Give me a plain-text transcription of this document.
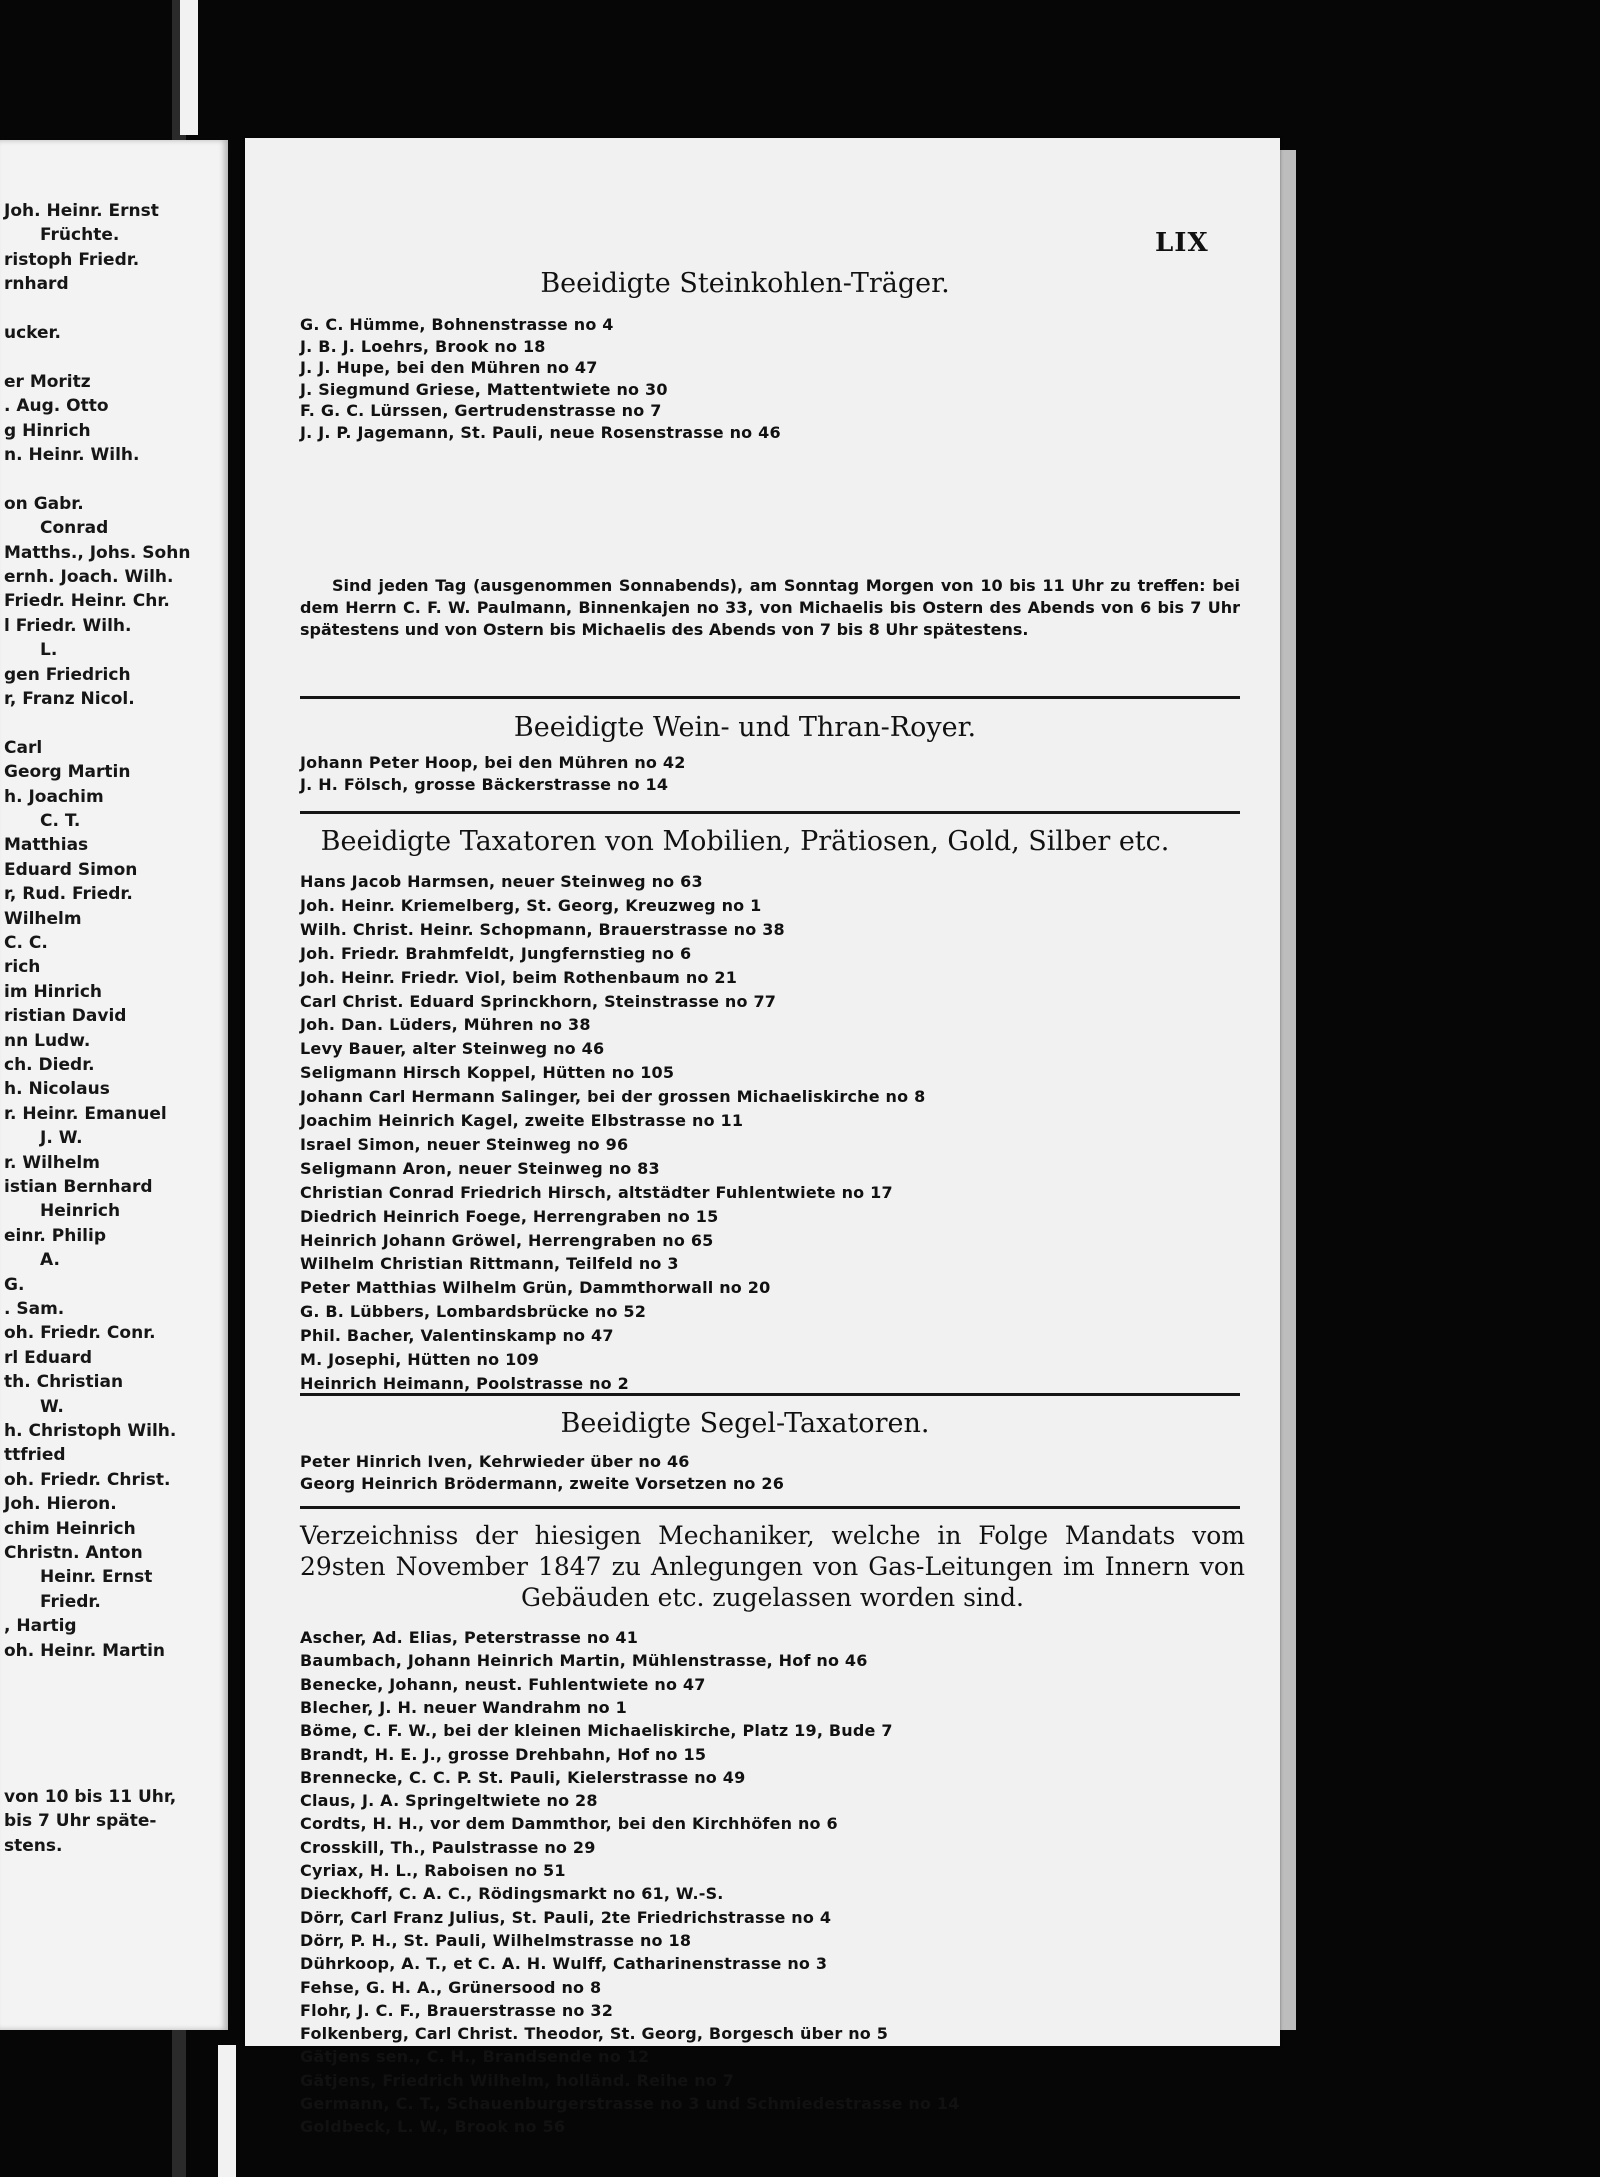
Joh. Heinr. Ernst
Früchte.
ristoph Friedr.
rnhard
ucker.
er Moritz
. Aug. Otto
g Hinrich
n. Heinr. Wilh.
on Gabr.
Conrad
Matths., Johs. Sohn
ernh. Joach. Wilh.
Friedr. Heinr. Chr.
l Friedr. Wilh.
L.
gen Friedrich
r, Franz Nicol.
Carl
Georg Martin
h. Joachim
C. T.
Matthias
Eduard Simon
r, Rud. Friedr.
Wilhelm
C. C.
rich
im Hinrich
ristian David
nn Ludw.
ch. Diedr.
h. Nicolaus
r. Heinr. Emanuel
J. W.
r. Wilhelm
istian Bernhard
Heinrich
einr. Philip
A.
G.
. Sam.
oh. Friedr. Conr.
rl Eduard
th. Christian
W.
h. Christoph Wilh.
ttfried
oh. Friedr. Christ.
Joh. Hieron.
chim Heinrich
Christn. Anton
Heinr. Ernst
Friedr.
, Hartig
oh. Heinr. Martin
von 10 bis 11 Uhr,
bis 7 Uhr späte-
stens.
LIX
Beeidigte Steinkohlen-Träger.
G. C. Hümme, Bohnenstrasse no 4
J. B. J. Loehrs, Brook no 18
J. J. Hupe, bei den Mühren no 47
J. Siegmund Griese, Mattentwiete no 30
F. G. C. Lürssen, Gertrudenstrasse no 7
J. J. P. Jagemann, St. Pauli, neue Rosenstrasse no 46
Sind jeden Tag (ausgenommen Sonnabends), am Sonntag Morgen von 10 bis 11 Uhr zu treffen: bei dem Herrn C. F. W. Paulmann, Binnenkajen no 33, von Michaelis bis Ostern des Abends von 6 bis 7 Uhr spätestens und von Ostern bis Michaelis des Abends von 7 bis 8 Uhr spätestens.
Beeidigte Wein- und Thran-Royer.
Johann Peter Hoop, bei den Mühren no 42
J. H. Fölsch, grosse Bäckerstrasse no 14
Beeidigte Taxatoren von Mobilien, Prätiosen, Gold, Silber etc.
Hans Jacob Harmsen, neuer Steinweg no 63
Joh. Heinr. Kriemelberg, St. Georg, Kreuzweg no 1
Wilh. Christ. Heinr. Schopmann, Brauerstrasse no 38
Joh. Friedr. Brahmfeldt, Jungfernstieg no 6
Joh. Heinr. Friedr. Viol, beim Rothenbaum no 21
Carl Christ. Eduard Sprinckhorn, Steinstrasse no 77
Joh. Dan. Lüders, Mühren no 38
Levy Bauer, alter Steinweg no 46
Seligmann Hirsch Koppel, Hütten no 105
Johann Carl Hermann Salinger, bei der grossen Michaeliskirche no 8
Joachim Heinrich Kagel, zweite Elbstrasse no 11
Israel Simon, neuer Steinweg no 96
Seligmann Aron, neuer Steinweg no 83
Christian Conrad Friedrich Hirsch, altstädter Fuhlentwiete no 17
Diedrich Heinrich Foege, Herrengraben no 15
Heinrich Johann Gröwel, Herrengraben no 65
Wilhelm Christian Rittmann, Teilfeld no 3
Peter Matthias Wilhelm Grün, Dammthorwall no 20
G. B. Lübbers, Lombardsbrücke no 52
Phil. Bacher, Valentinskamp no 47
M. Josephi, Hütten no 109
Heinrich Heimann, Poolstrasse no 2
Beeidigte Segel-Taxatoren.
Peter Hinrich Iven, Kehrwieder über no 46
Georg Heinrich Brödermann, zweite Vorsetzen no 26
Verzeichniss der hiesigen Mechaniker, welche in Folge Mandats vom 29sten November 1847 zu Anlegungen von Gas-Leitungen im Innern von Gebäuden etc. zugelassen worden sind.
Ascher, Ad. Elias, Peterstrasse no 41
Baumbach, Johann Heinrich Martin, Mühlenstrasse, Hof no 46
Benecke, Johann, neust. Fuhlentwiete no 47
Blecher, J. H. neuer Wandrahm no 1
Böme, C. F. W., bei der kleinen Michaeliskirche, Platz 19, Bude 7
Brandt, H. E. J., grosse Drehbahn, Hof no 15
Brennecke, C. C. P. St. Pauli, Kielerstrasse no 49
Claus, J. A. Springeltwiete no 28
Cordts, H. H., vor dem Dammthor, bei den Kirchhöfen no 6
Crosskill, Th., Paulstrasse no 29
Cyriax, H. L., Raboisen no 51
Dieckhoff, C. A. C., Rödingsmarkt no 61, W.-S.
Dörr, Carl Franz Julius, St. Pauli, 2te Friedrichstrasse no 4
Dörr, P. H., St. Pauli, Wilhelmstrasse no 18
Dührkoop, A. T., et C. A. H. Wulff, Catharinenstrasse no 3
Fehse, G. H. A., Grünersood no 8
Flohr, J. C. F., Brauerstrasse no 32
Folkenberg, Carl Christ. Theodor, St. Georg, Borgesch über no 5
Gätjens sen., C. H., Brandsende no 12
Gätjens, Friedrich Wilhelm, holländ. Reihe no 7
Germann, C. T., Schauenburgerstrasse no 3 und Schmiedestrasse no 14
Goldbeck, L. W., Brook no 56
